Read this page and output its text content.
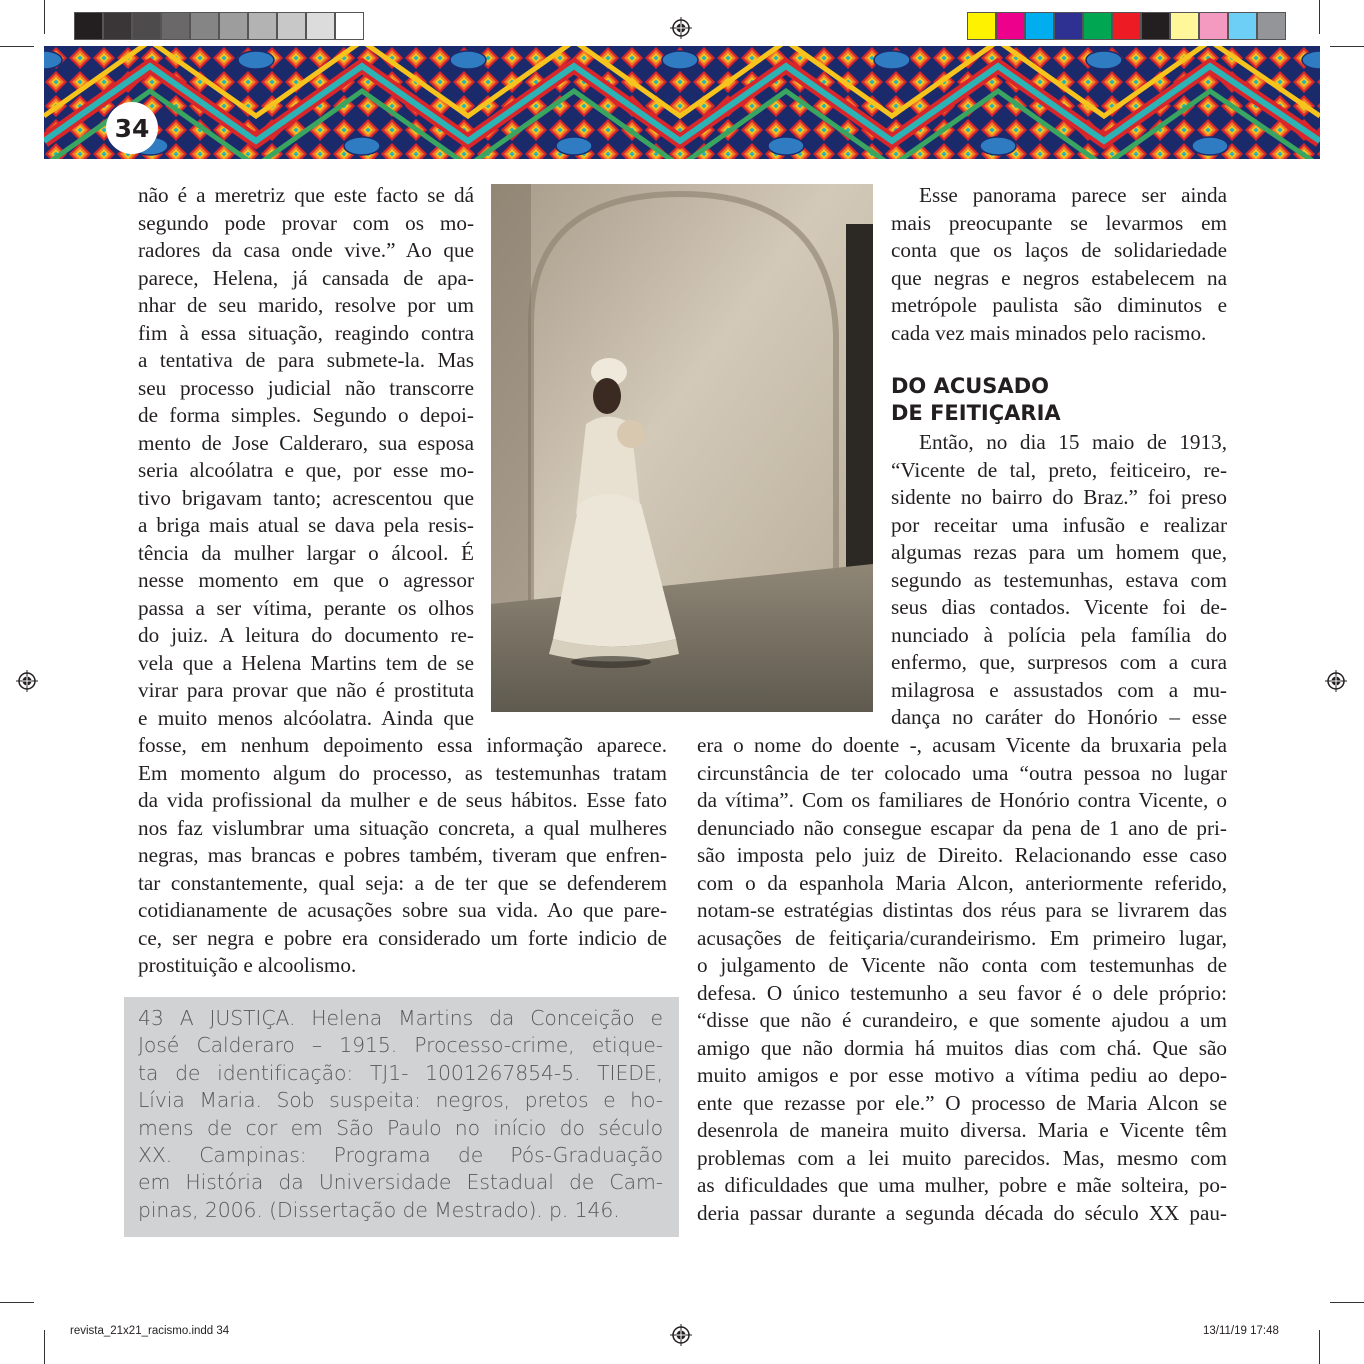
34
não é a meretriz que este facto se dá
segundo pode provar com os mo-
radores da casa onde vive.” Ao que
parece, Helena, já cansada de apa-
nhar de seu marido, resolve por um
fim à essa situação, reagindo contra
a tentativa de para submete-la. Mas
seu processo judicial não transcorre
de forma simples. Segundo o depoi-
mento de Jose Calderaro, sua esposa
seria alcoólatra e que, por esse mo-
tivo brigavam tanto; acrescentou que
a briga mais atual se dava pela resis-
tência da mulher largar o álcool. É
nesse momento em que o agressor
passa a ser vítima, perante os olhos
do juiz. A leitura do documento re-
vela que a Helena Martins tem de se
virar para provar que não é prostituta
e muito menos alcóolatra. Ainda que
fosse, em nenhum depoimento essa informação aparece.
Em momento algum do processo, as testemunhas tratam
da vida profissional da mulher e de seus hábitos. Esse fato
nos faz vislumbrar uma situação concreta, a qual mulheres
negras, mas brancas e pobres também, tiveram que enfren-
tar constantemente, qual seja: a de ter que se defenderem
cotidianamente de acusações sobre sua vida. Ao que pare-
ce, ser negra e pobre era considerado um forte indicio de
prostituição e alcoolismo.
43 A JUSTIÇA. Helena Martins da Conceição e
José Calderaro – 1915. Processo-crime, etique-
ta de identificação: TJ1- 1001267854-5. TIEDE,
Lívia Maria. Sob suspeita: negros, pretos e ho-
mens de cor em São Paulo no início do século
XX. Campinas: Programa de Pós-Graduação
em História da Universidade Estadual de Cam-
pinas, 2006. (Dissertação de Mestrado). p. 146.
Esse panorama parece ser ainda
mais preocupante se levarmos em
conta que os laços de solidariedade
que negras e negros estabelecem na
metrópole paulista são diminutos e
cada vez mais minados pelo racismo.
DO ACUSADO
DE FEITIÇARIA
Então, no dia 15 maio de 1913,
“Vicente de tal, preto, feiticeiro, re-
sidente no bairro do Braz.” foi preso
por receitar uma infusão e realizar
algumas rezas para um homem que,
segundo as testemunhas, estava com
seus dias contados. Vicente foi de-
nunciado à polícia pela família do
enfermo, que, surpresos com a cura
milagrosa e assustados com a mu-
dança no caráter do Honório – esse
era o nome do doente -, acusam Vicente da bruxaria pela
circunstância de ter colocado uma “outra pessoa no lugar
da vítima”. Com os familiares de Honório contra Vicente, o
denunciado não consegue escapar da pena de 1 ano de pri-
são imposta pelo juiz de Direito. Relacionando esse caso
com o da espanhola Maria Alcon, anteriormente referido,
notam-se estratégias distintas dos réus para se livrarem das
acusações de feitiçaria/curandeirismo. Em primeiro lugar,
o julgamento de Vicente não conta com testemunhas de
defesa. O único testemunho a seu favor é o dele próprio:
“disse que não é curandeiro, e que somente ajudou a um
amigo que não dormia há muitos dias com chá. Que são
muito amigos e por esse motivo a vítima pediu ao depo-
ente que rezasse por ele.” O processo de Maria Alcon se
desenrola de maneira muito diversa. Maria e Vicente têm
problemas com a lei muito parecidos. Mas, mesmo com
as dificuldades que uma mulher, pobre e mãe solteira, po-
deria passar durante a segunda década do século XX pau-
revista_21x21_racismo.indd 34	13/11/19 17:48
